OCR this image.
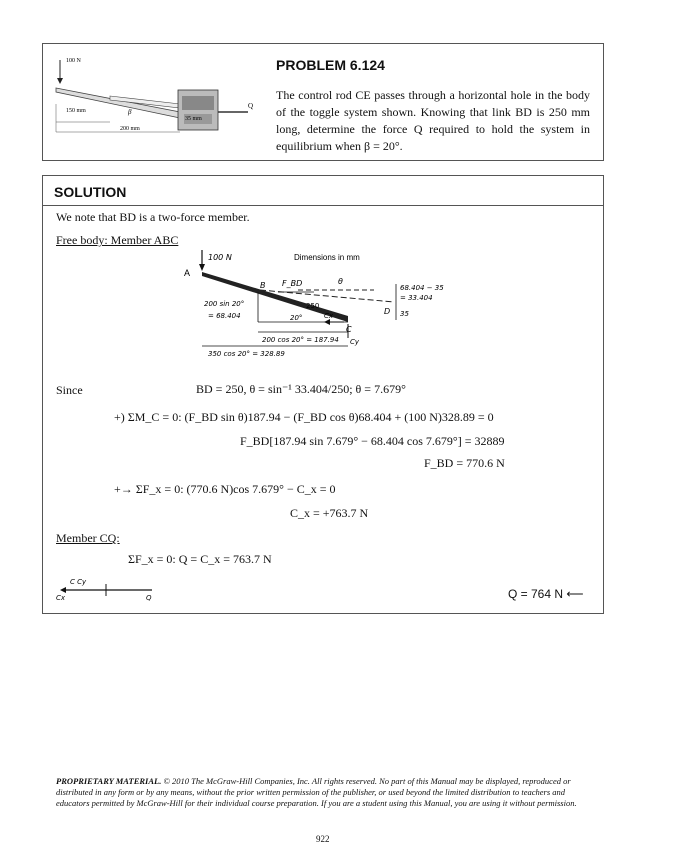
100 N
150 mm
200 mm
35 mm
β
Q
PROBLEM 6.124
The control rod CE passes through a horizontal hole in the body of the toggle system shown. Knowing that link BD is 250 mm long, determine the force Q required to hold the system in equilibrium when β = 20°.
SOLUTION
We note that BD is a two-force member.
Free body: Member ABC
100 N	Dimensions in mm
A
B F_BD	θ
250
D
C
Cx
Cy
200 sin 20°
= 68.404	20°
200 cos 20° = 187.94
350 cos 20° = 328.89
68.404 − 35
= 33.404
35
Since	BD = 250, θ = sin⁻¹ 33.404/250; θ = 7.679°
+) ΣM_C = 0: (F_BD sin θ)187.94 − (F_BD cos θ)68.404 + (100 N)328.89 = 0
F_BD[187.94 sin 7.679° − 68.404 cos 7.679°] = 32889
F_BD = 770.6 N
+→ ΣF_x = 0: (770.6 N)cos 7.679° − C_x = 0
C_x = +763.7 N
Member CQ:
ΣF_x = 0: Q = C_x = 763.7 N
C Cy
Cx	Q	Q = 764 N ⟵
PROPRIETARY MATERIAL. © 2010 The McGraw-Hill Companies, Inc. All rights reserved. No part of this Manual may be displayed, reproduced or distributed in any form or by any means, without the prior written permission of the publisher, or used beyond the limited distribution to teachers and educators permitted by McGraw-Hill for their individual course preparation. If you are a student using this Manual, you are using it without permission.
922
